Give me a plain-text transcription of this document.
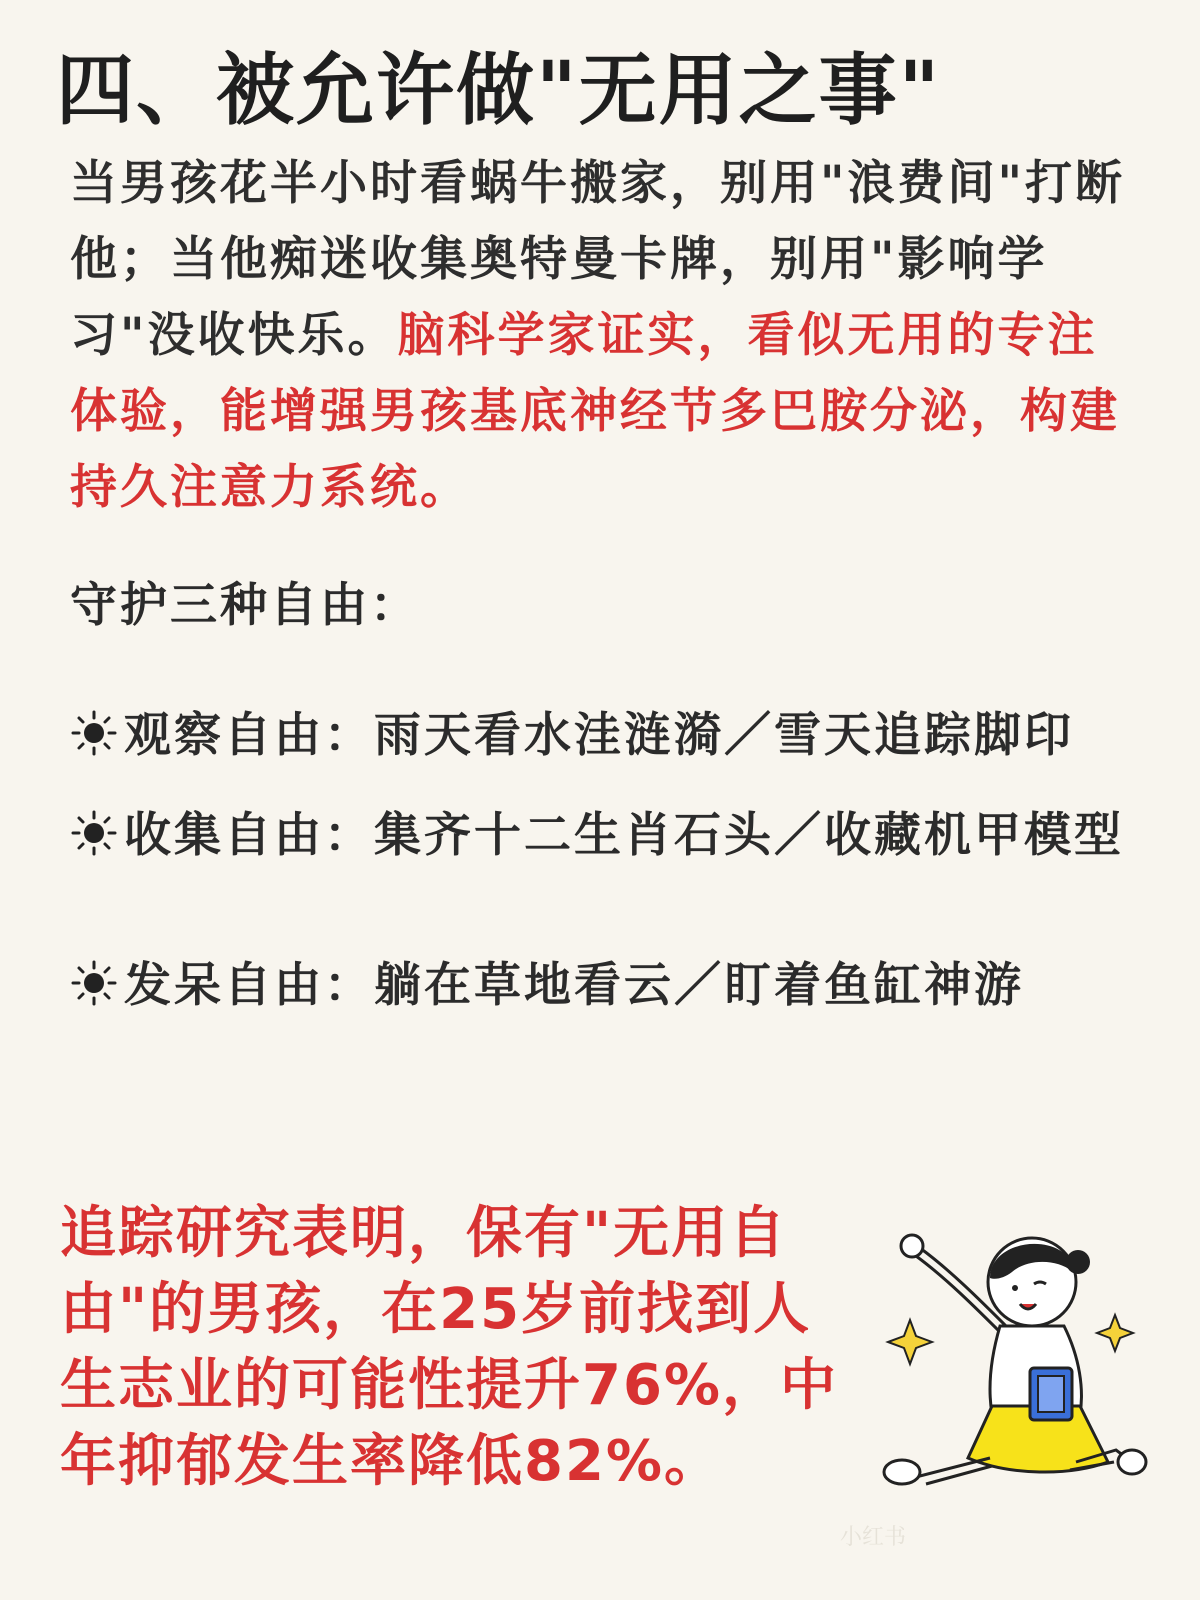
四、被允许做"无用之事"
当男孩花半小时看蜗牛搬家，别用"浪费间"打断他；当他痴迷收集奥特曼卡牌，别用"影响学习"没收快乐。脑科学家证实，看似无用的专注体验，能增强男孩基底神经节多巴胺分泌，构建持久注意力系统。
守护三种自由：
观察自由：雨天看水洼涟漪／雪天追踪脚印
收集自由：集齐十二生肖石头／收藏机甲模型
发呆自由：躺在草地看云／盯着鱼缸神游
追踪研究表明，保有"无用自由"的男孩，在25岁前找到人生志业的可能性提升76%，中年抑郁发生率降低82%。
小红书
